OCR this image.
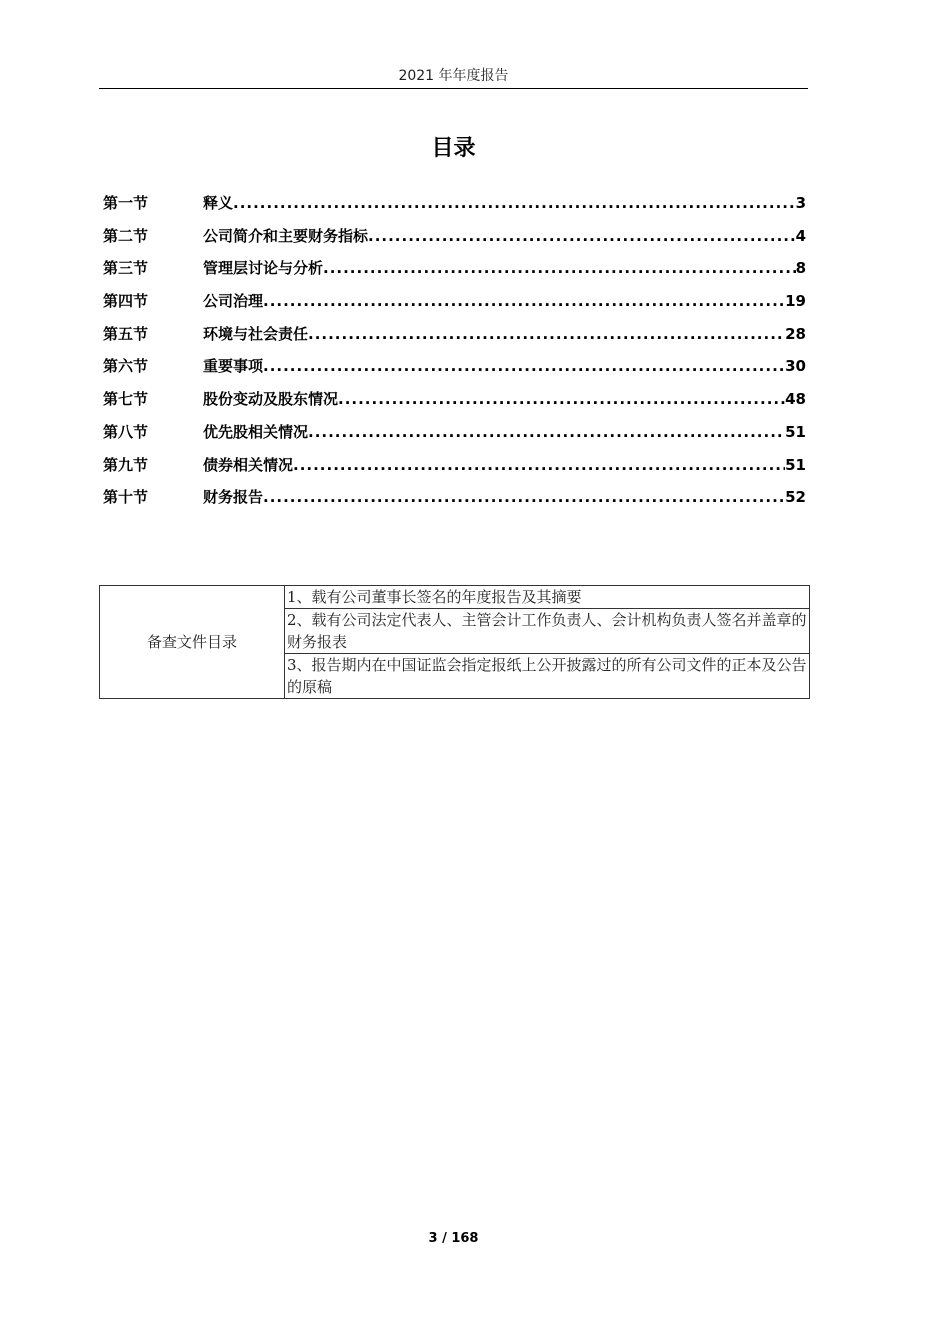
2021 年年度报告
目录
第一节	释义 .....	3
第二节	公司简介和主要财务指标 .....	4
第三节	管理层讨论与分析 .....	8
第四节	公司治理 .....	19
第五节	环境与社会责任 .....	28
第六节	重要事项 .....	30
第七节	股份变动及股东情况 .....	48
第八节	优先股相关情况 .....	51
第九节	债券相关情况 .....	51
第十节	财务报告 .....	52
备查文件目录	1、载有公司董事长签名的年度报告及其摘要
2、载有公司法定代表人、主管会计工作负责人、会计机构负责人签名并盖章的财务报表
3、报告期内在中国证监会指定报纸上公开披露过的所有公司文件的正本及公告的原稿
3 / 168
